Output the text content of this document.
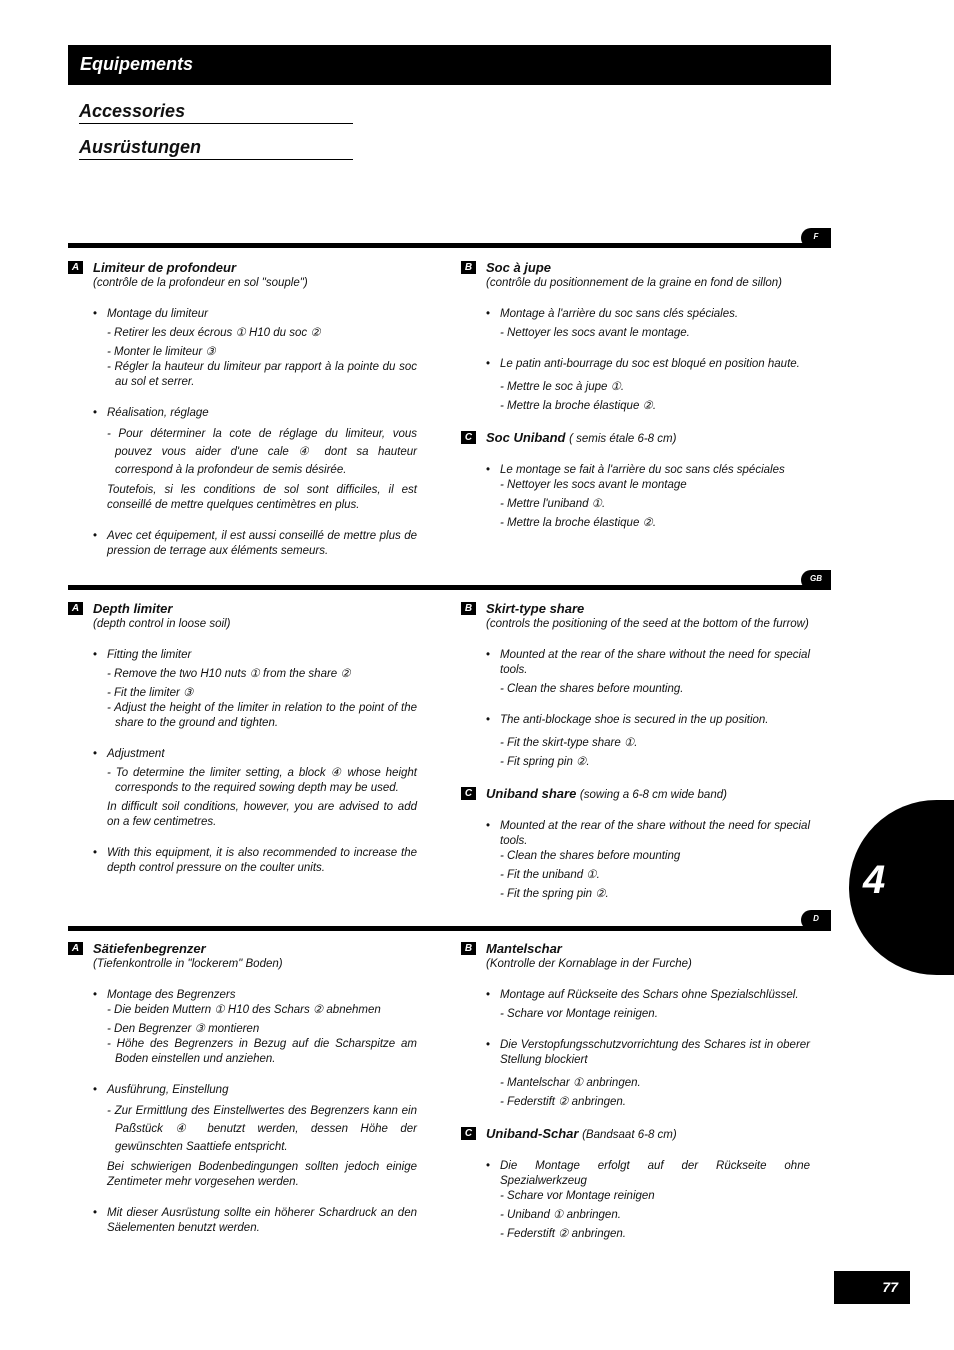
Equipements
Accessories
Ausrüstungen
F
A Limiteur de profondeur

(contrôle de la profondeur en sol "souple")

• Montage du limiteur

- Retirer les deux écrous ① H10 du soc ②

- Monter le limiteur ③

- Régler la hauteur du limiteur par rapport à la pointe du soc au sol et serrer.

• Réalisation, réglage

- Pour déterminer la cote de réglage du limiteur, vous pouvez vous aider d'une cale ④ dont sa hauteur correspond à la profondeur de semis désirée.

Toutefois, si les conditions de sol sont difficiles, il est conseillé de mettre quelques centimètres en plus.

• Avec cet équipement, il est aussi conseillé de mettre plus de pression de terrage aux éléments semeurs.

B Soc à jupe

(contrôle du positionnement de la graine en fond de sillon)

• Montage à l'arrière du soc sans clés spéciales.

- Nettoyer les socs avant le montage.

• Le patin anti-bourrage du soc est bloqué en position haute.

- Mettre le soc à jupe ①.

- Mettre la broche élastique ②.

C Soc Uniband ( semis étale 6-8 cm)

• Le montage se fait à l'arrière du soc sans clés spéciales

- Nettoyer les socs avant le montage

- Mettre l'uniband ①.

- Mettre la broche élastique ②.

GB
A Depth limiter

(depth control in loose soil)

• Fitting the limiter

- Remove the two H10 nuts ① from the share ②

- Fit the limiter ③

- Adjust the height of the limiter in relation to the point of the share to the ground and tighten.

• Adjustment

- To determine the limiter setting, a block ④ whose height corresponds to the required sowing depth may be used.

In difficult soil conditions, however, you are advised to add on a few centimetres.

• With this equipment, it is also recommended to increase the depth control pressure on the coulter units.

B Skirt-type share

(controls the positioning of the seed at the bottom of the furrow)

• Mounted at the rear of the share without the need for special tools.

- Clean the shares before mounting.

• The anti-blockage shoe is secured in the up position.

- Fit the skirt-type share ①.

- Fit spring pin ②.

C Uniband share (sowing a 6-8 cm wide band)

• Mounted at the rear of the share without the need for special tools.

- Clean the shares before mounting

- Fit the uniband ①.

- Fit the spring pin ②.

D
A Sätiefenbegrenzer

(Tiefenkontrolle in "lockerem" Boden)

• Montage des Begrenzers

- Die beiden Muttern ① H10 des Schars ② abnehmen

- Den Begrenzer ③ montieren

- Höhe des Begrenzers in Bezug auf die Scharspitze am Boden einstellen und anziehen.

• Ausführung, Einstellung

- Zur Ermittlung des Einstellwertes des Begrenzers kann ein Paßstück ④ benutzt werden, dessen Höhe der gewünschten Saattiefe entspricht.

Bei schwierigen Bodenbedingungen sollten jedoch einige Zentimeter mehr vorgesehen werden.

• Mit dieser Ausrüstung sollte ein höherer Schardruck an den Säelementen benutzt werden.

B Mantelschar

(Kontrolle der Kornablage in der Furche)

• Montage auf Rückseite des Schars ohne Spezialschlüssel.

- Schare vor Montage reinigen.

• Die Verstopfungsschutzvorrichtung des Schares ist in oberer Stellung blockiert

- Mantelschar ① anbringen.

- Federstift ② anbringen.

C Uniband-Schar (Bandsaat 6-8 cm)

• Die Montage erfolgt auf der Rückseite ohne Spezialwerkzeug

- Schare vor Montage reinigen

- Uniband ① anbringen.

- Federstift ② anbringen.

4
77
